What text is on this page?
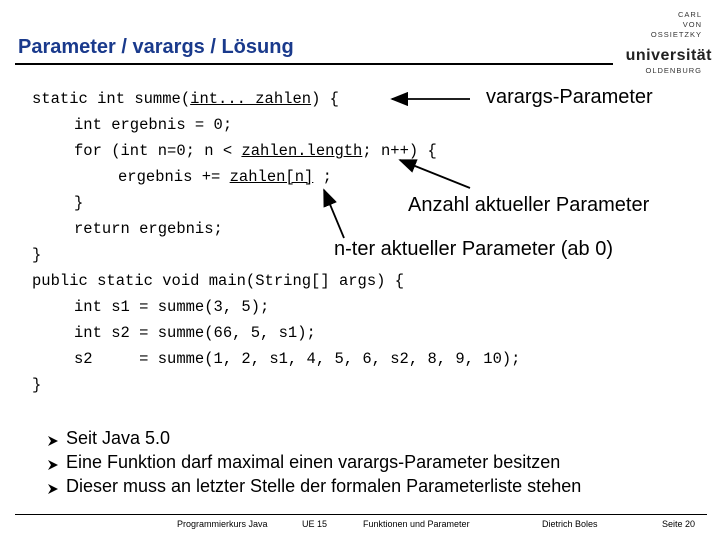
Parameter / varargs / Lösung
CARL
VON
OSSIETZKY
universität
OLDENBURG
static int summe(int... zahlen) {
int ergebnis = 0;
for (int n=0; n < zahlen.length; n++) {
ergebnis += zahlen[n] ;
}
return ergebnis;
}
public static void main(String[] args) {
int s1 = summe(3, 5);
int s2 = summe(66, 5, s1);
s2     = summe(1, 2, s1, 4, 5, 6, s2, 8, 9, 10);
}
varargs-Parameter
Anzahl aktueller Parameter
n-ter aktueller Parameter (ab 0)
Seit Java 5.0
Eine Funktion darf maximal einen varargs-Parameter besitzen
Dieser muss an letzter Stelle der formalen Parameterliste stehen
Programmierkurs Java	UE 15	Funktionen und Parameter	Dietrich Boles	Seite 20
